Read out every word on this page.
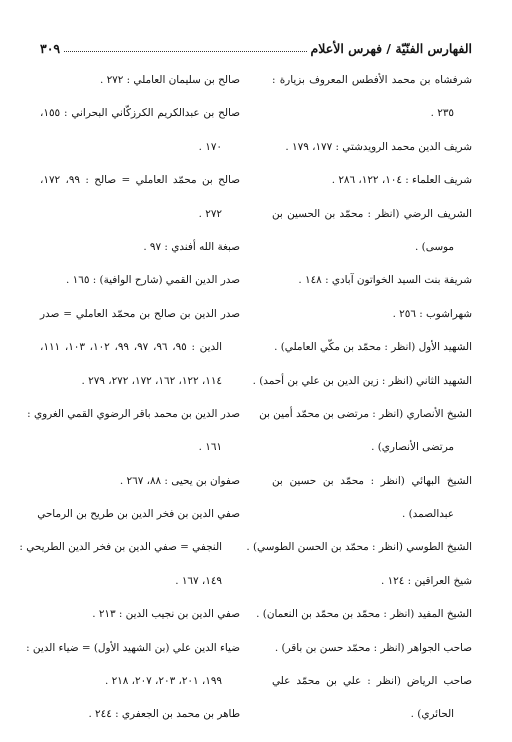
الفهارس الفنّيّة / فهرس الأعلام
٣٠٩
شرفشاه بن محمد الأفطس المعروف بزيارة :
٢٣٥ .
شريف الدين محمد الرويدشتي : ١٧٧، ١٧٩ .
شريف العلماء : ١٠٤، ١٢٢، ٢٨٦ .
الشريف الرضي (انظر : محمّد بن الحسين بن
موسى) .
شريفة بنت السيد الخواتون آبادي : ١٤٨ .
شهراشوب : ٢٥٦ .
الشهيد الأول (انظر : محمّد بن مكّي العاملي) .
الشهيد الثاني (انظر : زين الدين بن علي بن أحمد) .
الشيخ الأنصاري (انظر : مرتضى بن محمّد أمين بن
مرتضى الأنصاري) .
الشيخ البهائي (انظر : محمّد بن حسين بن
عبدالصمد) .
الشيخ الطوسي (انظر : محمّد بن الحسن الطوسي) .
شيخ العراقين : ١٢٤ .
الشيخ المفيد (انظر : محمّد بن محمّد بن النعمان) .
صاحب الجواهر (انظر : محمّد حسن بن باقر) .
صاحب الرياض (انظر : علي بن محمّد علي
الحائري) .
صالح بن سليمان العاملي : ٢٧٢ .
صالح بن عبدالكريم الكرزكّاني البحراني : ١٥٥،
١٧٠ .
صالح بن محمّد العاملي = صالح : ٩٩، ١٧٢،
٢٧٢ .
صبغة الله أفندي : ٩٧ .
صدر الدين القمي (شارح الوافية) : ١٦٥ .
صدر الدين بن صالح بن محمّد العاملي = صدر
الدين : ٩٥، ٩٦، ٩٧، ٩٩، ١٠٢، ١٠٣، ١١١،
١١٤، ١٢٢، ١٦٢، ١٧٢، ٢٧٢، ٢٧٩ .
صدر الدين بن محمد باقر الرضوي القمي الغروي :
١٦١ .
صفوان بن يحيى : ٨٨، ٢٦٧ .
صفي الدين بن فخر الدين بن طريح بن الرماحي
النجفي = صفي الدين بن فخر الدين الطريحي :
١٤٩، ١٦٧ .
صفي الدين بن نجيب الدين : ٢١٣ .
ضياء الدين علي (بن الشهيد الأول) = ضياء الدين :
١٩٩، ٢٠١، ٢٠٣، ٢٠٧، ٢١٨ .
طاهر بن محمد بن الجعفري : ٢٤٤ .
